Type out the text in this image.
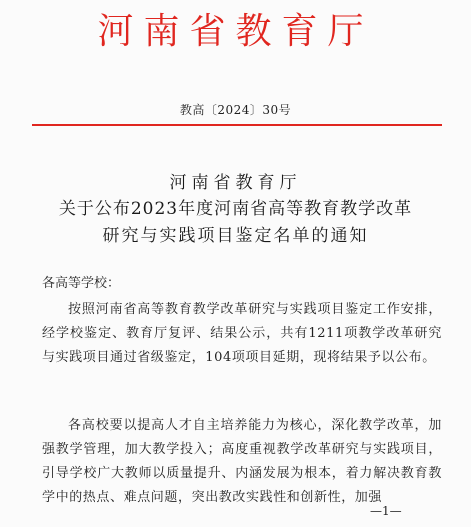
河南省教育厅
教高〔2024〕30号
河南省教育厅
关于公布2023年度河南省高等教育教学改革
研究与实践项目鉴定名单的通知
各高等学校：
按照河南省高等教育教学改革研究与实践项目鉴定工作安排，经学校鉴定、教育厅复评、结果公示，共有1211项教学改革研究与实践项目通过省级鉴定，104项项目延期，现将结果予以公布。
各高校要以提高人才自主培养能力为核心，深化教学改革，加强教学管理，加大教学投入；高度重视教学改革研究与实践项目，引导学校广大教师以质量提升、内涵发展为根本，着力解决教育教学中的热点、难点问题，突出教改实践性和创新性，加强
—1—
